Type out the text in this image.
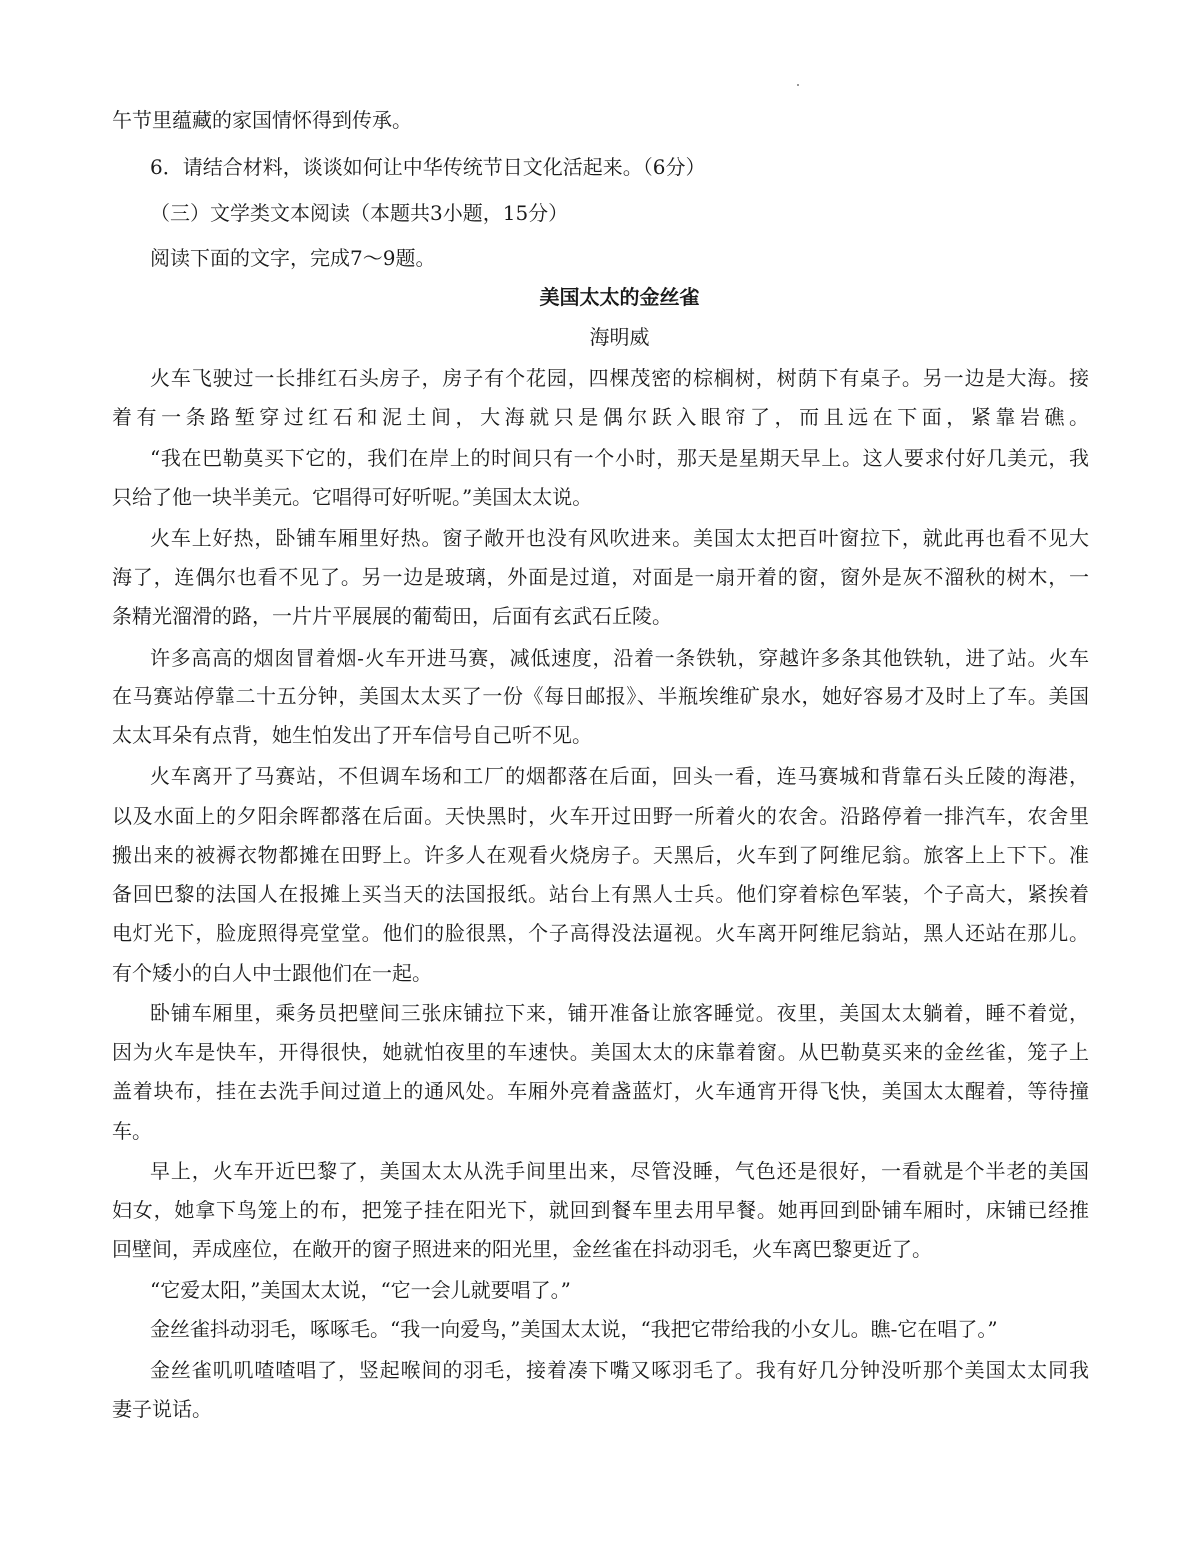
午节里蕴藏的家国情怀得到传承。
6．请结合材料，谈谈如何让中华传统节日文化活起来。（6分）
（三）文学类文本阅读（本题共3小题，15分）
阅读下面的文字，完成7～9题。
美国太太的金丝雀
海明威
火车飞驶过一长排红石头房子，房子有个花园，四棵茂密的棕榈树，树荫下有桌子。另一边是大海。接
着有一条路堑穿过红石和泥土间，大海就只是偶尔跃入眼帘了，而且远在下面，紧靠岩礁。
“我在巴勒莫买下它的，我们在岸上的时间只有一个小时，那天是星期天早上。这人要求付好几美元，我
只给了他一块半美元。它唱得可好听呢。”美国太太说。
火车上好热，卧铺车厢里好热。窗子敞开也没有风吹进来。美国太太把百叶窗拉下，就此再也看不见大
海了，连偶尔也看不见了。另一边是玻璃，外面是过道，对面是一扇开着的窗，窗外是灰不溜秋的树木，一
条精光溜滑的路，一片片平展展的葡萄田，后面有玄武石丘陵。
许多高高的烟囱冒着烟-火车开进马赛，减低速度，沿着一条铁轨，穿越许多条其他铁轨，进了站。火车
在马赛站停靠二十五分钟，美国太太买了一份《每日邮报》、半瓶埃维矿泉水，她好容易才及时上了车。美国
太太耳朵有点背，她生怕发出了开车信号自己听不见。
火车离开了马赛站，不但调车场和工厂的烟都落在后面，回头一看，连马赛城和背靠石头丘陵的海港，
以及水面上的夕阳余晖都落在后面。天快黑时，火车开过田野一所着火的农舍。沿路停着一排汽车，农舍里
搬出来的被褥衣物都摊在田野上。许多人在观看火烧房子。天黑后，火车到了阿维尼翁。旅客上上下下。准
备回巴黎的法国人在报摊上买当天的法国报纸。站台上有黑人士兵。他们穿着棕色军装，个子高大，紧挨着
电灯光下，脸庞照得亮堂堂。他们的脸很黑，个子高得没法逼视。火车离开阿维尼翁站，黑人还站在那儿。
有个矮小的白人中士跟他们在一起。
卧铺车厢里，乘务员把壁间三张床铺拉下来，铺开准备让旅客睡觉。夜里，美国太太躺着，睡不着觉，
因为火车是快车，开得很快，她就怕夜里的车速快。美国太太的床靠着窗。从巴勒莫买来的金丝雀，笼子上
盖着块布，挂在去洗手间过道上的通风处。车厢外亮着盏蓝灯，火车通宵开得飞快，美国太太醒着，等待撞
车。
早上，火车开近巴黎了，美国太太从洗手间里出来，尽管没睡，气色还是很好，一看就是个半老的美国
妇女，她拿下鸟笼上的布，把笼子挂在阳光下，就回到餐车里去用早餐。她再回到卧铺车厢时，床铺已经推
回壁间，弄成座位，在敞开的窗子照进来的阳光里，金丝雀在抖动羽毛，火车离巴黎更近了。
“它爱太阳，”美国太太说，“它一会儿就要唱了。”
金丝雀抖动羽毛，啄啄毛。“我一向爱鸟，”美国太太说，“我把它带给我的小女儿。瞧-它在唱了。”
金丝雀叽叽喳喳唱了，竖起喉间的羽毛，接着凑下嘴又啄羽毛了。我有好几分钟没听那个美国太太同我
妻子说话。
